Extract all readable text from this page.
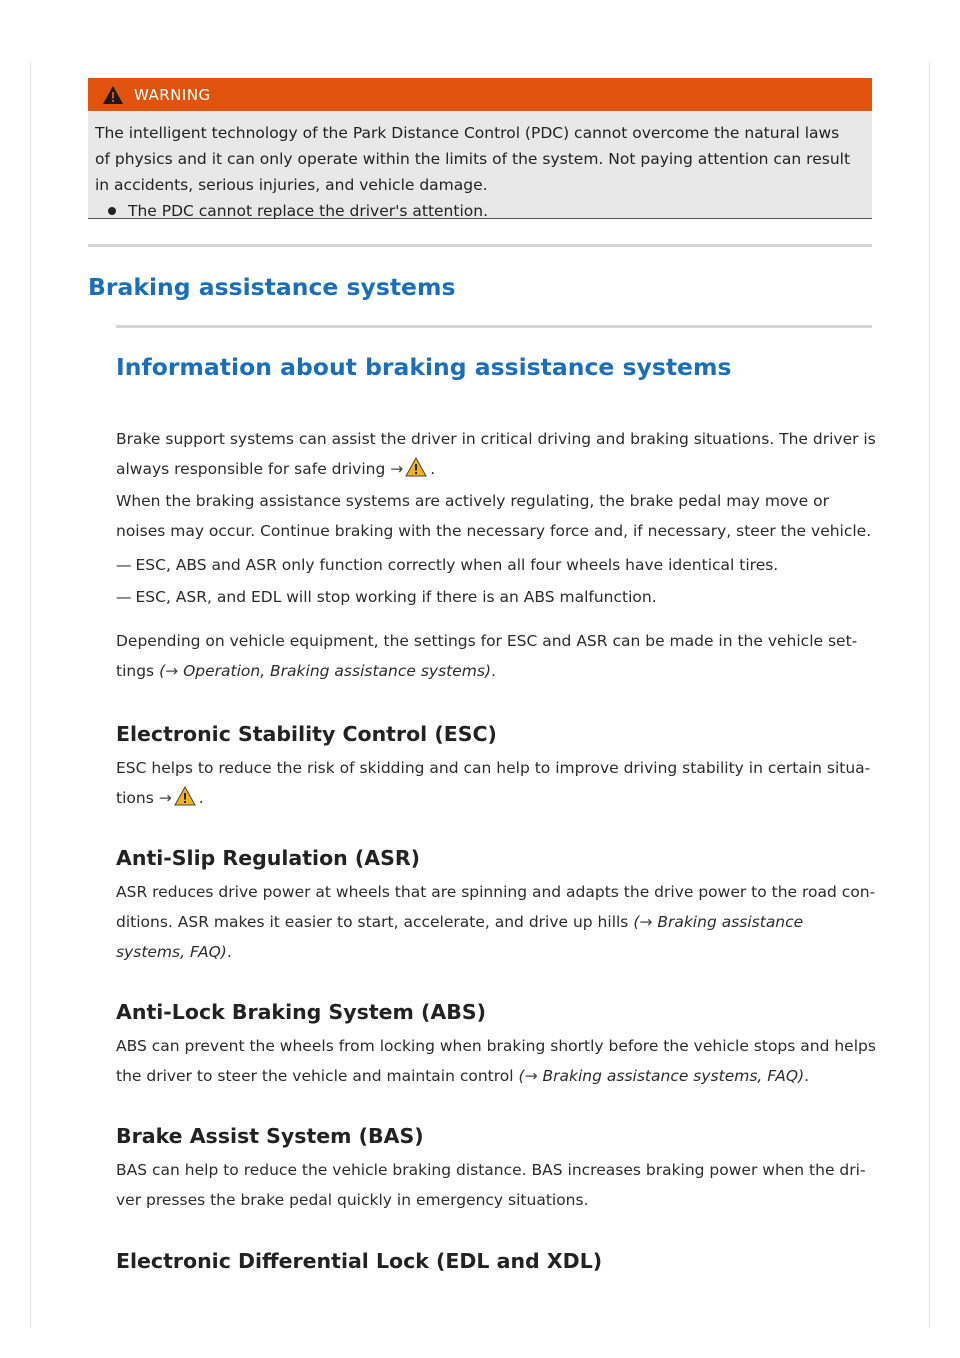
WARNING
The intelligent technology of the Park Distance Control (PDC) cannot overcome the natural laws of physics and it can only operate within the limits of the system. Not paying attention can result in accidents, serious injuries, and vehicle damage.
The PDC cannot replace the driver's attention.
Braking assistance systems
Information about braking assistance systems

Brake support systems can assist the driver in critical driving and braking situations. The driver is always responsible for safe driving → .

When the braking assistance systems are actively regulating, the brake pedal may move or noises may occur. Continue braking with the necessary force and, if necessary, steer the vehicle.

— ESC, ABS and ASR only function correctly when all four wheels have identical tires.

— ESC, ASR, and EDL will stop working if there is an ABS malfunction.

Depending on vehicle equipment, the settings for ESC and ASR can be made in the vehicle set-tings (→ Operation, Braking assistance systems).

Electronic Stability Control (ESC)

ESC helps to reduce the risk of skidding and can help to improve driving stability in certain situa-tions → .

Anti-Slip Regulation (ASR)

ASR reduces drive power at wheels that are spinning and adapts the drive power to the road con-ditions. ASR makes it easier to start, accelerate, and drive up hills (→ Braking assistance systems, FAQ).

Anti-Lock Braking System (ABS)

ABS can prevent the wheels from locking when braking shortly before the vehicle stops and helps the driver to steer the vehicle and maintain control (→ Braking assistance systems, FAQ).

Brake Assist System (BAS)

BAS can help to reduce the vehicle braking distance. BAS increases braking power when the dri-ver presses the brake pedal quickly in emergency situations.

Electronic Differential Lock (EDL and XDL)
